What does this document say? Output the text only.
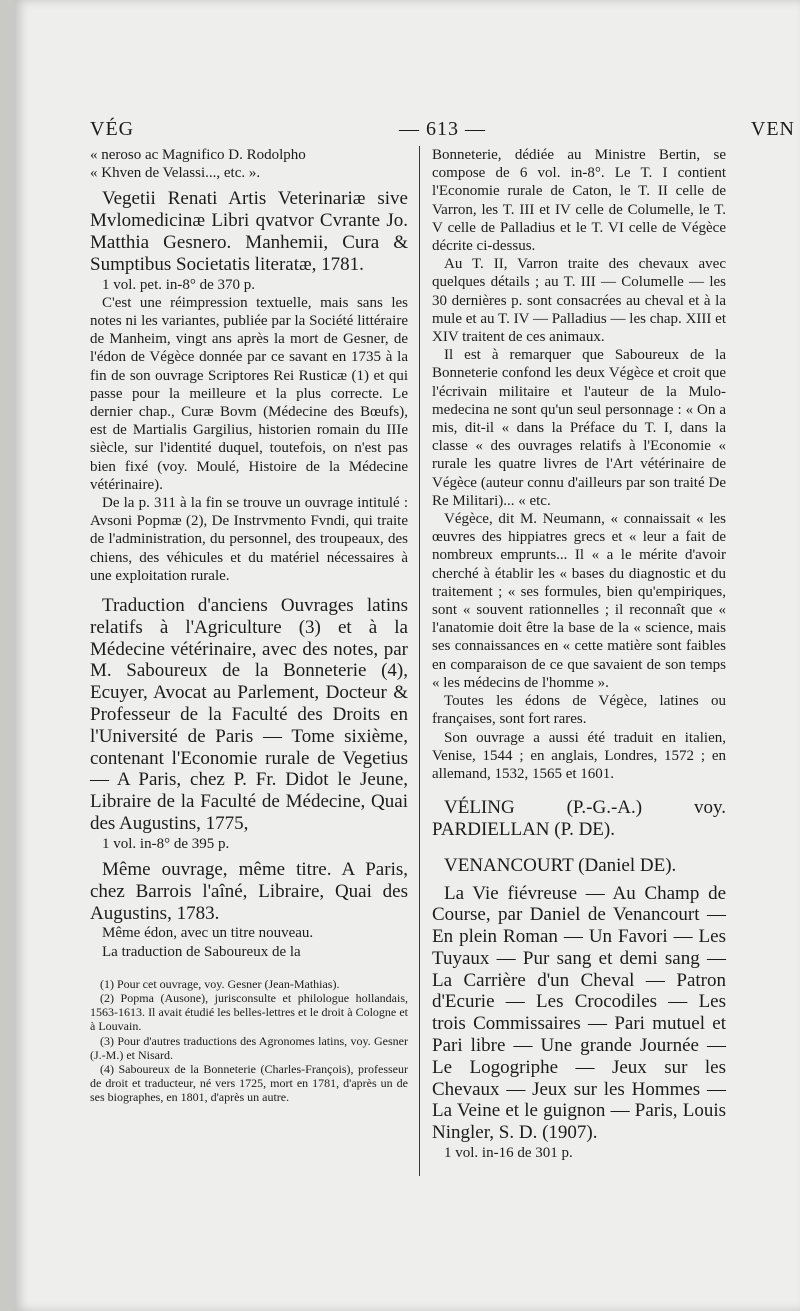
VÉG	— 613 —	VEN

« neroso ac Magnifico D. Rodolpho

« Khven de Velassi..., etc. ».

Vegetii Renati Artis Veterinariæ sive Mvlomedicinæ Libri qvatvor Cvrante Jo. Matthia Gesnero. Manhemii, Cura & Sumptibus Societatis literatæ, 1781.

1 vol. pet. in-8° de 370 p.

C'est une réimpression textuelle, mais sans les notes ni les variantes, publiée par la Société littéraire de Manheim, vingt ans après la mort de Gesner, de l'édon de Végèce donnée par ce savant en 1735 à la fin de son ouvrage Scriptores Rei Rusticæ (1) et qui passe pour la meilleure et la plus correcte. Le dernier chap., Curæ Bovm (Médecine des Bœufs), est de Martialis Gargilius, historien romain du IIIe siècle, sur l'identité duquel, toutefois, on n'est pas bien fixé (voy. Moulé, Histoire de la Médecine vétérinaire).

De la p. 311 à la fin se trouve un ouvrage intitulé : Avsoni Popmæ (2), De Instrvmento Fvndi, qui traite de l'administration, du personnel, des troupeaux, des chiens, des véhicules et du matériel nécessaires à une exploitation rurale.

Traduction d'anciens Ouvrages latins relatifs à l'Agriculture (3) et à la Médecine vétérinaire, avec des notes, par M. Saboureux de la Bonneterie (4), Ecuyer, Avocat au Parlement, Docteur & Professeur de la Faculté des Droits en l'Université de Paris — Tome sixième, contenant l'Economie rurale de Vegetius — A Paris, chez P. Fr. Didot le Jeune, Libraire de la Faculté de Médecine, Quai des Augustins, 1775,

1 vol. in-8° de 395 p.

Même ouvrage, même titre. A Paris, chez Barrois l'aîné, Libraire, Quai des Augustins, 1783.

Même édon, avec un titre nouveau.

La traduction de Saboureux de la

(1) Pour cet ouvrage, voy. Gesner (Jean-Mathias).

(2) Popma (Ausone), jurisconsulte et philologue hollandais, 1563-1613. Il avait étudié les belles-lettres et le droit à Cologne et à Louvain.

(3) Pour d'autres traductions des Agronomes latins, voy. Gesner (J.-M.) et Nisard.

(4) Saboureux de la Bonneterie (Charles-François), professeur de droit et traducteur, né vers 1725, mort en 1781, d'après un de ses biographes, en 1801, d'après un autre.

Bonneterie, dédiée au Ministre Bertin, se compose de 6 vol. in-8°. Le T. I contient l'Economie rurale de Caton, le T. II celle de Varron, les T. III et IV celle de Columelle, le T. V celle de Palladius et le T. VI celle de Végèce décrite ci-dessus.

Au T. II, Varron traite des chevaux avec quelques détails ; au T. III — Columelle — les 30 dernières p. sont consacrées au cheval et à la mule et au T. IV — Palladius — les chap. XIII et XIV traitent de ces animaux.

Il est à remarquer que Saboureux de la Bonneterie confond les deux Végèce et croit que l'écrivain militaire et l'auteur de la Mulo-medecina ne sont qu'un seul personnage : « On a mis, dit-il « dans la Préface du T. I, dans la classe « des ouvrages relatifs à l'Economie « rurale les quatre livres de l'Art vétérinaire de Végèce (auteur connu d'ailleurs par son traité De Re Militari)... « etc.

Végèce, dit M. Neumann, « connaissait « les œuvres des hippiatres grecs et « leur a fait de nombreux emprunts... Il « a le mérite d'avoir cherché à établir les « bases du diagnostic et du traitement ; « ses formules, bien qu'empiriques, sont « souvent rationnelles ; il reconnaît que « l'anatomie doit être la base de la « science, mais ses connaissances en « cette matière sont faibles en comparaison de ce que savaient de son temps « les médecins de l'homme ».

Toutes les édons de Végèce, latines ou françaises, sont fort rares.

Son ouvrage a aussi été traduit en italien, Venise, 1544 ; en anglais, Londres, 1572 ; en allemand, 1532, 1565 et 1601.

VÉLING (P.-G.-A.) voy. PARDIELLAN (P. DE).

VENANCOURT (Daniel DE).

La Vie fiévreuse — Au Champ de Course, par Daniel de Venancourt — En plein Roman — Un Favori — Les Tuyaux — Pur sang et demi sang — La Carrière d'un Cheval — Patron d'Ecurie — Les Crocodiles — Les trois Commissaires — Pari mutuel et Pari libre — Une grande Journée — Le Logogriphe — Jeux sur les Chevaux — Jeux sur les Hommes — La Veine et le guignon — Paris, Louis Ningler, S. D. (1907).

1 vol. in-16 de 301 p.
